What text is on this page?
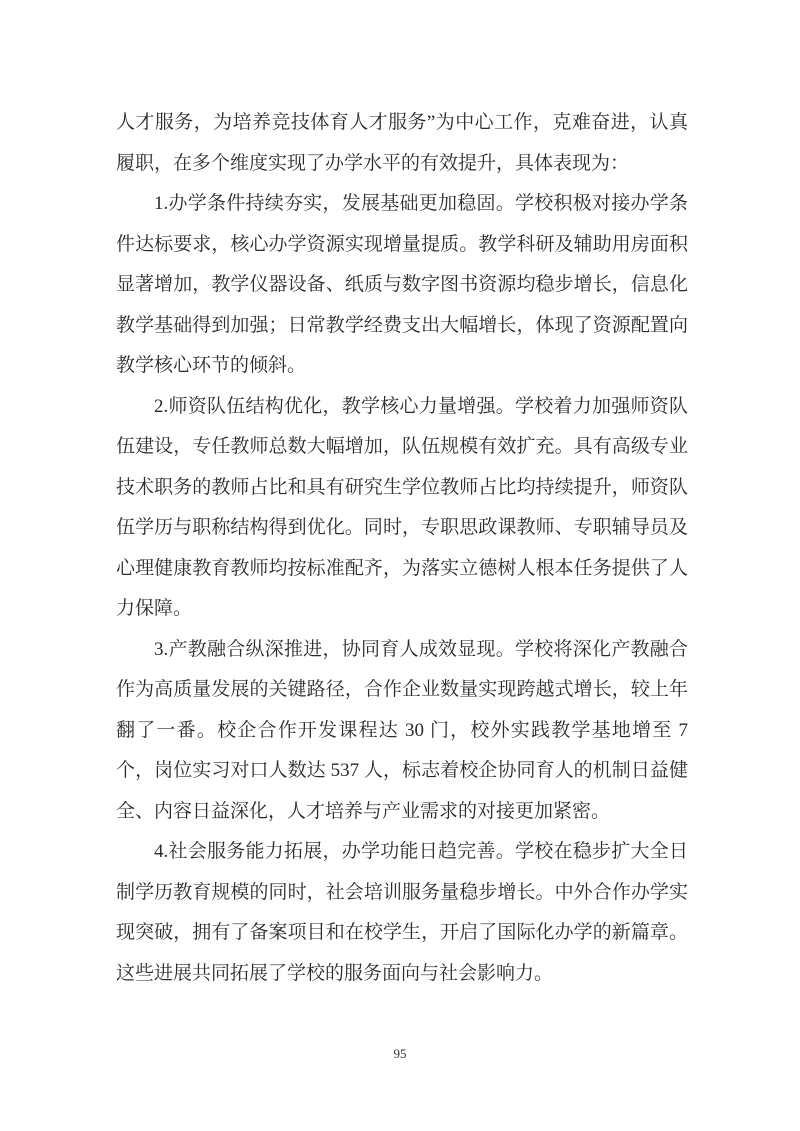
人才服务，为培养竞技体育人才服务”为中心工作，克难奋进，认真履职，在多个维度实现了办学水平的有效提升，具体表现为：

1.办学条件持续夯实，发展基础更加稳固。学校积极对接办学条件达标要求，核心办学资源实现增量提质。教学科研及辅助用房面积显著增加，教学仪器设备、纸质与数字图书资源均稳步增长，信息化教学基础得到加强；日常教学经费支出大幅增长，体现了资源配置向教学核心环节的倾斜。

2.师资队伍结构优化，教学核心力量增强。学校着力加强师资队伍建设，专任教师总数大幅增加，队伍规模有效扩充。具有高级专业技术职务的教师占比和具有研究生学位教师占比均持续提升，师资队伍学历与职称结构得到优化。同时，专职思政课教师、专职辅导员及心理健康教育教师均按标准配齐，为落实立德树人根本任务提供了人力保障。

3.产教融合纵深推进，协同育人成效显现。学校将深化产教融合作为高质量发展的关键路径，合作企业数量实现跨越式增长，较上年翻了一番。校企合作开发课程达 30 门，校外实践教学基地增至 7 个，岗位实习对口人数达 537 人，标志着校企协同育人的机制日益健全、内容日益深化，人才培养与产业需求的对接更加紧密。

4.社会服务能力拓展，办学功能日趋完善。学校在稳步扩大全日制学历教育规模的同时，社会培训服务量稳步增长。中外合作办学实现突破，拥有了备案项目和在校学生，开启了国际化办学的新篇章。这些进展共同拓展了学校的服务面向与社会影响力。

95
